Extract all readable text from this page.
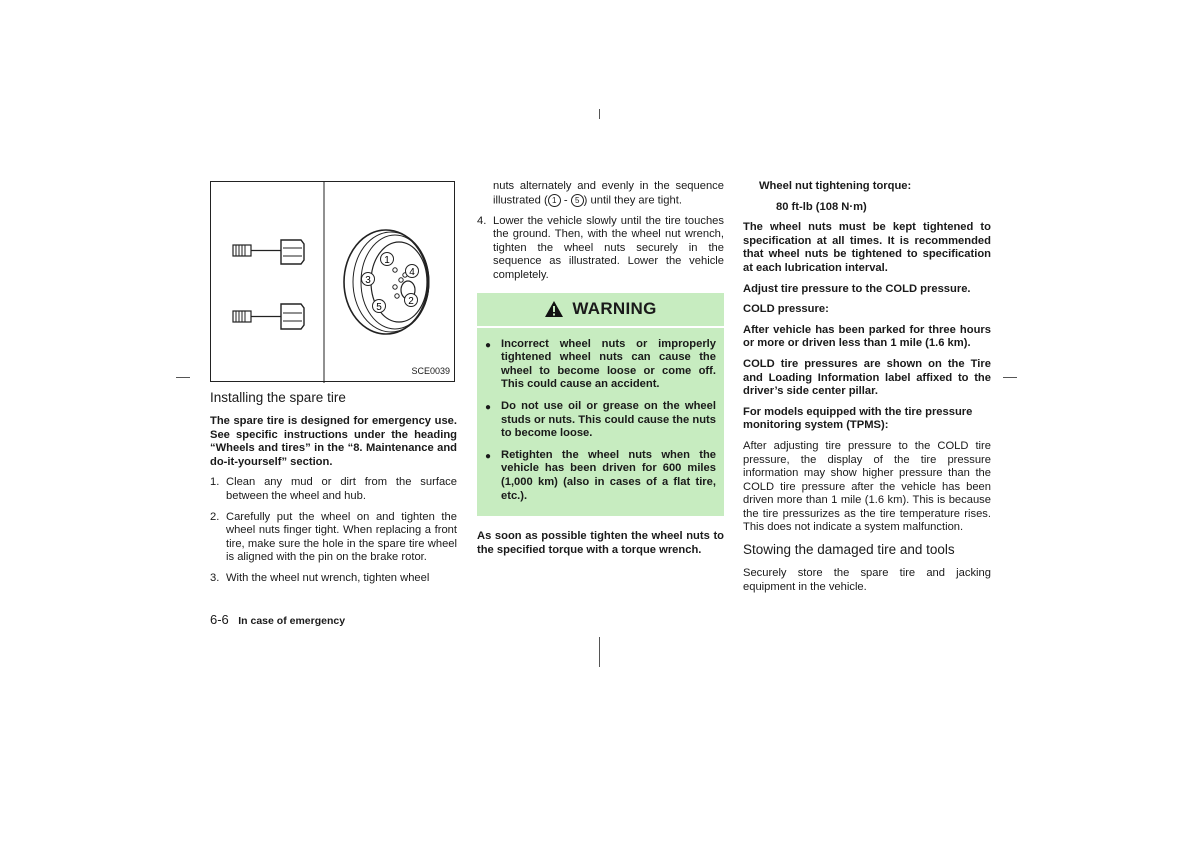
1
2
3
4
5
SCE0039
Installing the spare tire

The spare tire is designed for emergency use. See specific instructions under the heading “Wheels and tires” in the “8. Maintenance and do-it-yourself” section.

1. Clean any mud or dirt from the surface between the wheel and hub.
2. Carefully put the wheel on and tighten the wheel nuts finger tight. When replacing a front tire, make sure the hole in the spare tire wheel is aligned with the pin on the brake rotor.
3. With the wheel nut wrench, tighten wheel
nuts alternately and evenly in the sequence illustrated ( 1 - 5 ) until they are tight.
4. Lower the vehicle slowly until the tire touches the ground. Then, with the wheel nut wrench, tighten the wheel nuts securely in the sequence as illustrated. Lower the vehicle completely.
WARNING
● Incorrect wheel nuts or improperly tightened wheel nuts can cause the wheel to become loose or come off. This could cause an accident.
● Do not use oil or grease on the wheel studs or nuts. This could cause the nuts to become loose.
● Retighten the wheel nuts when the vehicle has been driven for 600 miles (1,000 km) (also in cases of a flat tire, etc.).

As soon as possible tighten the wheel nuts to the specified torque with a torque wrench.

Wheel nut tightening torque:

80 ft-lb (108 N·m)

The wheel nuts must be kept tightened to specification at all times. It is recommended that wheel nuts be tightened to specification at each lubrication interval.

Adjust tire pressure to the COLD pressure.

COLD pressure:

After vehicle has been parked for three hours or more or driven less than 1 mile (1.6 km).

COLD tire pressures are shown on the Tire and Loading Information label affixed to the driver’s side center pillar.

For models equipped with the tire pressure monitoring system (TPMS):

After adjusting tire pressure to the COLD tire pressure, the display of the tire pressure information may show higher pressure than the COLD tire pressure after the vehicle has been driven more than 1 mile (1.6 km). This is because the tire pressurizes as the tire temperature rises. This does not indicate a system malfunction.

Stowing the damaged tire and tools

Securely store the spare tire and jacking equipment in the vehicle.

6-6 In case of emergency
